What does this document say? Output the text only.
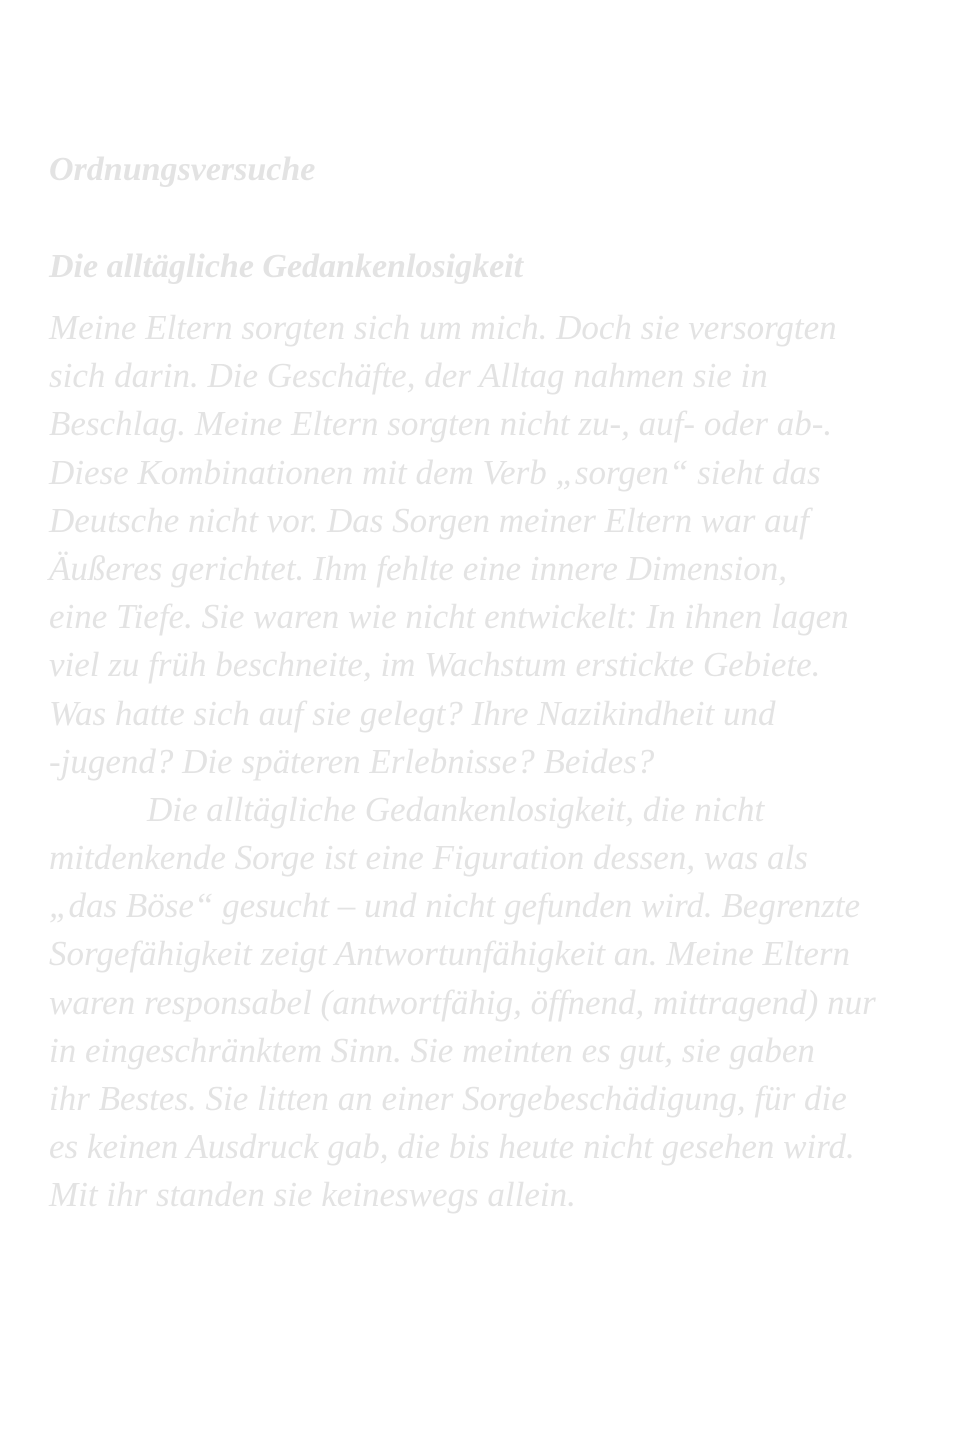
Ordnungsversuche
Die alltägliche Gedankenlosigkeit
Meine Eltern sorgten sich um mich. Doch sie versorgten
sich darin. Die Geschäfte, der Alltag nahmen sie in
Beschlag. Meine Eltern sorgten nicht zu-, auf- oder ab-.
Diese Kombinationen mit dem Verb „sorgen“ sieht das
Deutsche nicht vor. Das Sorgen meiner Eltern war auf
Äußeres gerichtet. Ihm fehlte eine innere Dimension,
eine Tiefe. Sie waren wie nicht entwickelt: In ihnen lagen
viel zu früh beschneite, im Wachstum erstickte Gebiete.
Was hatte sich auf sie gelegt? Ihre Nazikindheit und
-jugend? Die späteren Erlebnisse? Beides?
Die alltägliche Gedankenlosigkeit, die nicht
mitdenkende Sorge ist eine Figuration dessen, was als
„das Böse“ gesucht – und nicht gefunden wird. Begrenzte
Sorgefähigkeit zeigt Antwortunfähigkeit an. Meine Eltern
waren responsabel (antwortfähig, öffnend, mittragend) nur
in eingeschränktem Sinn. Sie meinten es gut, sie gaben
ihr Bestes. Sie litten an einer Sorgebeschädigung, für die
es keinen Ausdruck gab, die bis heute nicht gesehen wird.
Mit ihr standen sie keineswegs allein.
